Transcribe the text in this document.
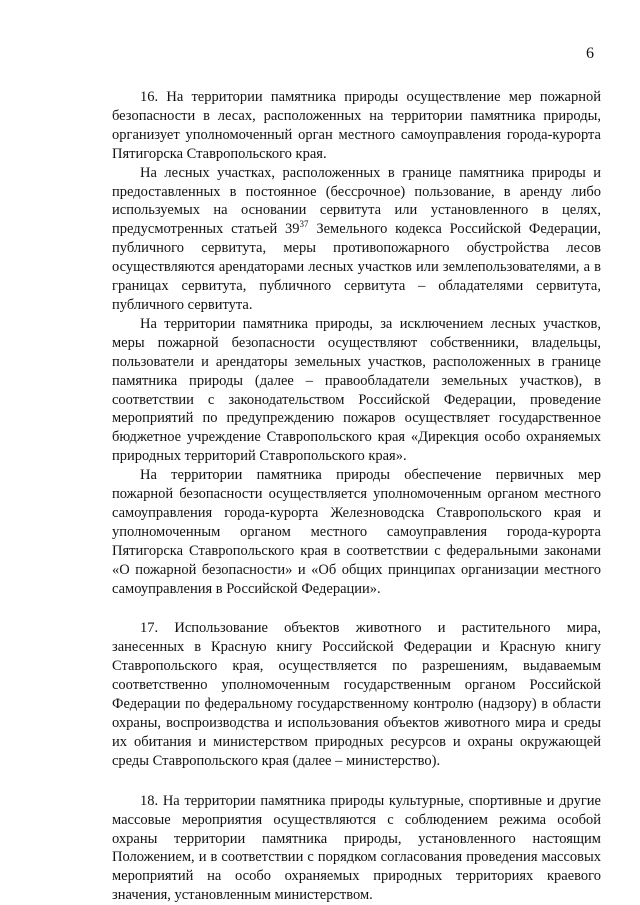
6

16. На территории памятника природы осуществление мер пожарной безопасности в лесах, расположенных на территории памятника природы, организует уполномоченный орган местного самоуправления города-курорта Пятигорска Ставропольского края.

На лесных участках, расположенных в границе памятника природы и предоставленных в постоянное (бессрочное) пользование, в аренду либо используемых на основании сервитута или установленного в целях, предусмотренных статьей $39^{37}$ Земельного кодекса Российской Федерации, публичного сервитута, меры противопожарного обустройства лесов осуществляются арендаторами лесных участков или землепользователями, а в границах сервитута, публичного сервитута – обладателями сервитута, публичного сервитута.

На территории памятника природы, за исключением лесных участков, меры пожарной безопасности осуществляют собственники, владельцы, пользователи и арендаторы земельных участков, расположенных в границе памятника природы (далее – правообладатели земельных участков), в соответствии с законодательством Российской Федерации, проведение мероприятий по предупреждению пожаров осуществляет государственное бюджетное учреждение Ставропольского края «Дирекция особо охраняемых природных территорий Ставропольского края».

На территории памятника природы обеспечение первичных мер пожарной безопасности осуществляется уполномоченным органом местного самоуправления города-курорта Железноводска Ставропольского края и уполномоченным органом местного самоуправления города-курорта Пятигорска Ставропольского края в соответствии с федеральными законами «О пожарной безопасности» и «Об общих принципах организации местного самоуправления в Российской Федерации».

17. Использование объектов животного и растительного мира, занесенных в Красную книгу Российской Федерации и Красную книгу Ставропольского края, осуществляется по разрешениям, выдаваемым соответственно уполномоченным государственным органом Российской Федерации по федеральному государственному контролю (надзору) в области охраны, воспроизводства и использования объектов животного мира и среды их обитания и министерством природных ресурсов и охраны окружающей среды Ставропольского края (далее – министерство).

18. На территории памятника природы культурные, спортивные и другие массовые мероприятия осуществляются с соблюдением режима особой охраны территории памятника природы, установленного настоящим Положением, и в соответствии с порядком согласования проведения массовых мероприятий на особо охраняемых природных территориях краевого значения, установленным министерством.
